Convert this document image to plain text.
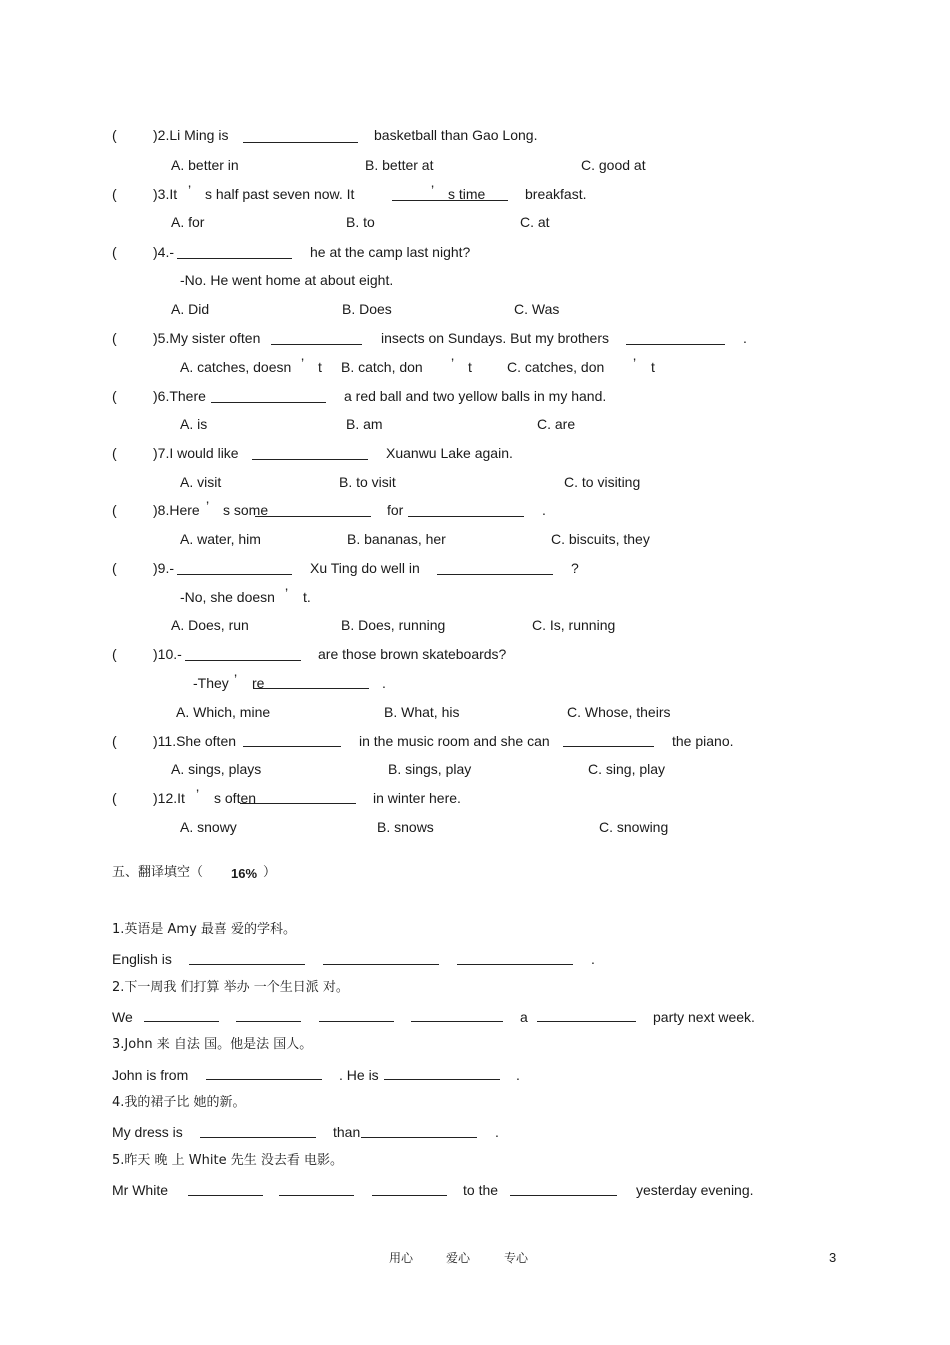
(	)2.Li Ming is	basketball than Gao Long.
A. better in	B. better at	C. good at
(	)3.It ’ s half past seven now. It	’ s time	breakfast.
A. for	B. to	C. at
(	)4.-	he at the camp last night?
-No. He went home at about eight.
A. Did	B. Does	C. Was
(	)5.My sister often	insects on Sundays. But my brothers	.
A. catches, doesn ’ t B. catch, don ’ t	C. catches, don ’ t
(	)6.There	a red ball and two yellow balls in my hand.
A. is	B. am	C. are
(	)7.I would like	Xuanwu Lake again.
A. visit	B. to visit	C. to visiting
(	)8.Here ’ s some	for	.
A. water, him	B. bananas, her	C. biscuits, they
(	)9.-	Xu Ting do well in	?
-No, she doesn ’ t.
A. Does, run	B. Does, running	C. Is, running
(	)10.-	are those brown skateboards?
-They ’ re	.
A. Which, mine	B. What, his	C. Whose, theirs
(	)11.She often	in the music room and she can	the piano.
A. sings, plays	B. sings, play	C. sing, play
(	)12.It ’ s often	in winter here.
A. snowy	B. snows	C. snowing
五、翻译填空（ 16% ）
1.英语是 Amy 最喜 爱的学科。
English is	.
2.下一周我 们打算 举办 一个生日派 对。
We	a	party next week.
3.John 来 自法 国。他是法 国人。
John is from	. He is	.
4.我的裙子比 她的新。
My dress is	than	.
5.昨天 晚 上 White 先生 没去看 电影。
Mr White	to the	yesterday evening.
用心	爱心	专心	3
